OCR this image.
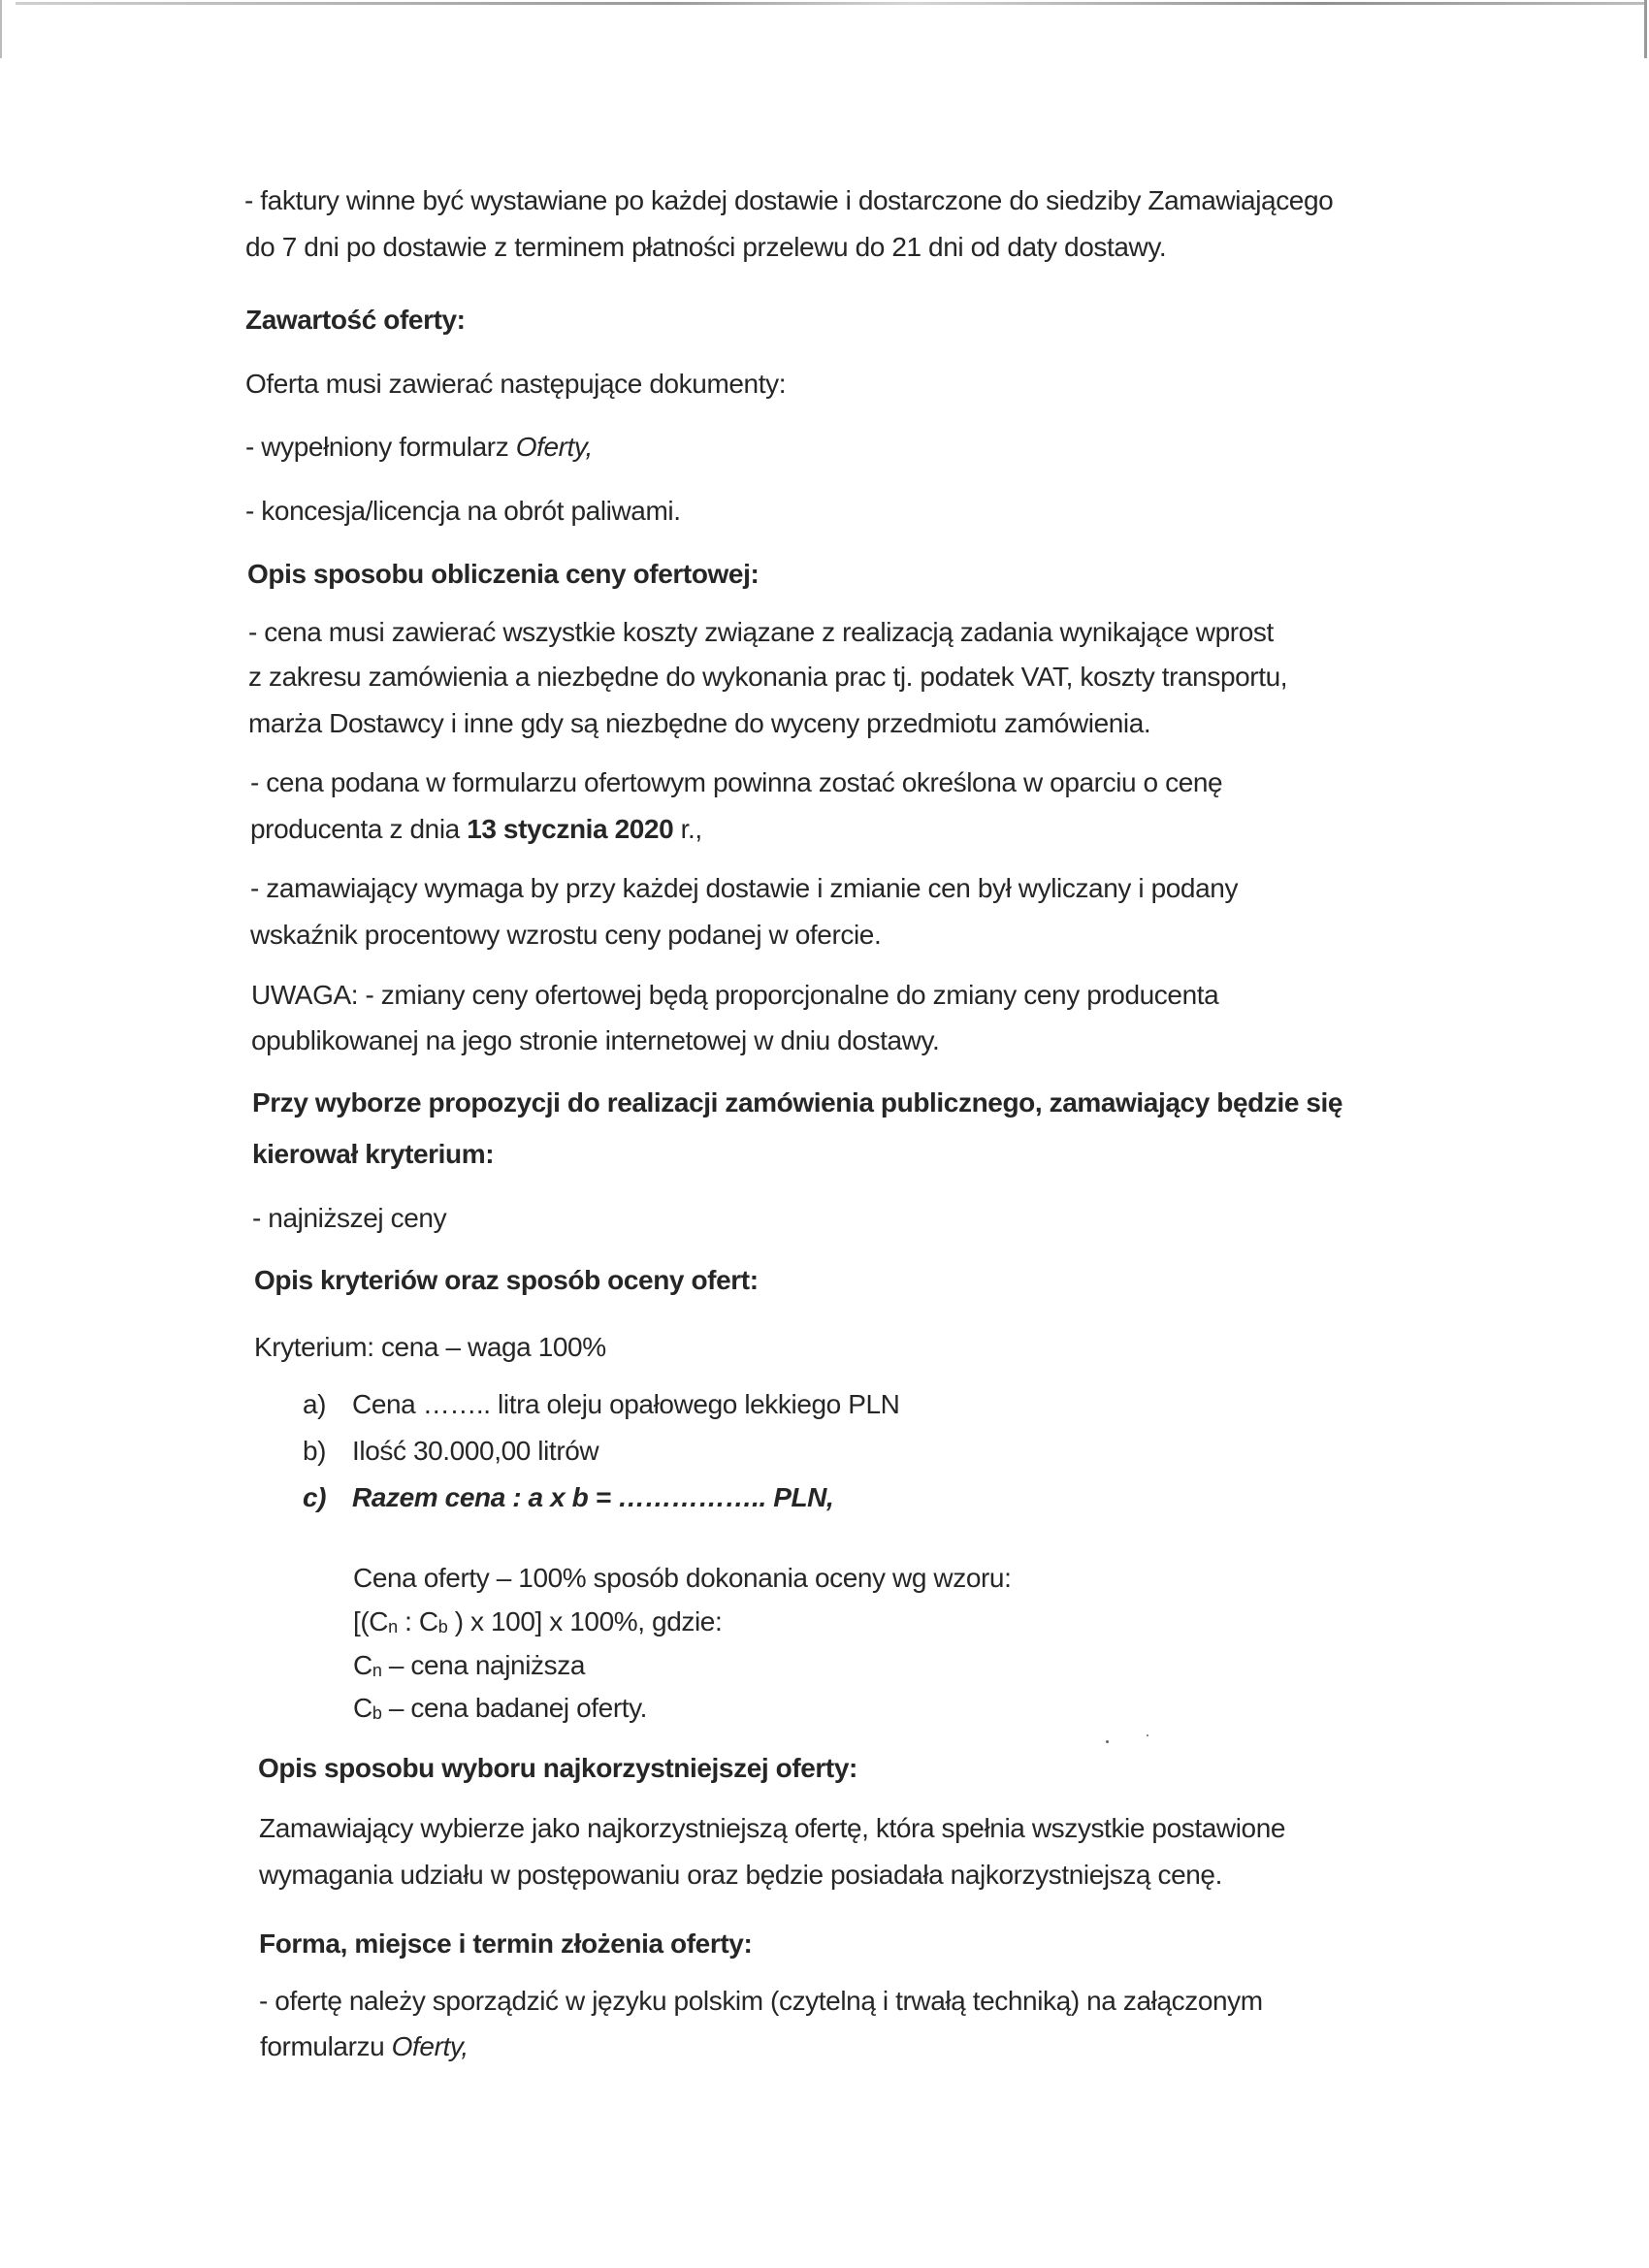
- faktury winne być wystawiane po każdej dostawie i dostarczone do siedziby Zamawiającego
do 7 dni po dostawie z terminem płatności przelewu do 21 dni od daty dostawy.
Zawartość oferty:
Oferta musi zawierać następujące dokumenty:
- wypełniony formularz Oferty,
- koncesja/licencja na obrót paliwami.
Opis sposobu obliczenia ceny ofertowej:
- cena musi zawierać wszystkie koszty związane z realizacją zadania wynikające wprost
z zakresu zamówienia a niezbędne do wykonania prac tj. podatek VAT, koszty transportu,
marża Dostawcy i inne gdy są niezbędne do wyceny przedmiotu zamówienia.
- cena podana w formularzu ofertowym powinna zostać określona w oparciu o cenę
producenta z dnia 13 stycznia 2020 r.,
- zamawiający wymaga by przy każdej dostawie i zmianie cen był wyliczany i podany
wskaźnik procentowy wzrostu ceny podanej w ofercie.
UWAGA: - zmiany ceny ofertowej będą proporcjonalne do zmiany ceny producenta
opublikowanej na jego stronie internetowej w dniu dostawy.
Przy wyborze propozycji do realizacji zamówienia publicznego, zamawiający będzie się
kierował kryterium:
- najniższej ceny
Opis kryteriów oraz sposób oceny ofert:
Kryterium: cena – waga 100%
a) Cena …….. litra oleju opałowego lekkiego PLN
b) Ilość 30.000,00 litrów
c) Razem cena : a x b = …………….. PLN,
Cena oferty – 100% sposób dokonania oceny wg wzoru:
[(Cn : Cb ) x 100] x 100%, gdzie:
Cn – cena najniższa
Cb – cena badanej oferty.
Opis sposobu wyboru najkorzystniejszej oferty:
Zamawiający wybierze jako najkorzystniejszą ofertę, która spełnia wszystkie postawione
wymagania udziału w postępowaniu oraz będzie posiadała najkorzystniejszą cenę.
Forma, miejsce i termin złożenia oferty:
- ofertę należy sporządzić w języku polskim (czytelną i trwałą techniką) na załączonym
formularzu Oferty,
